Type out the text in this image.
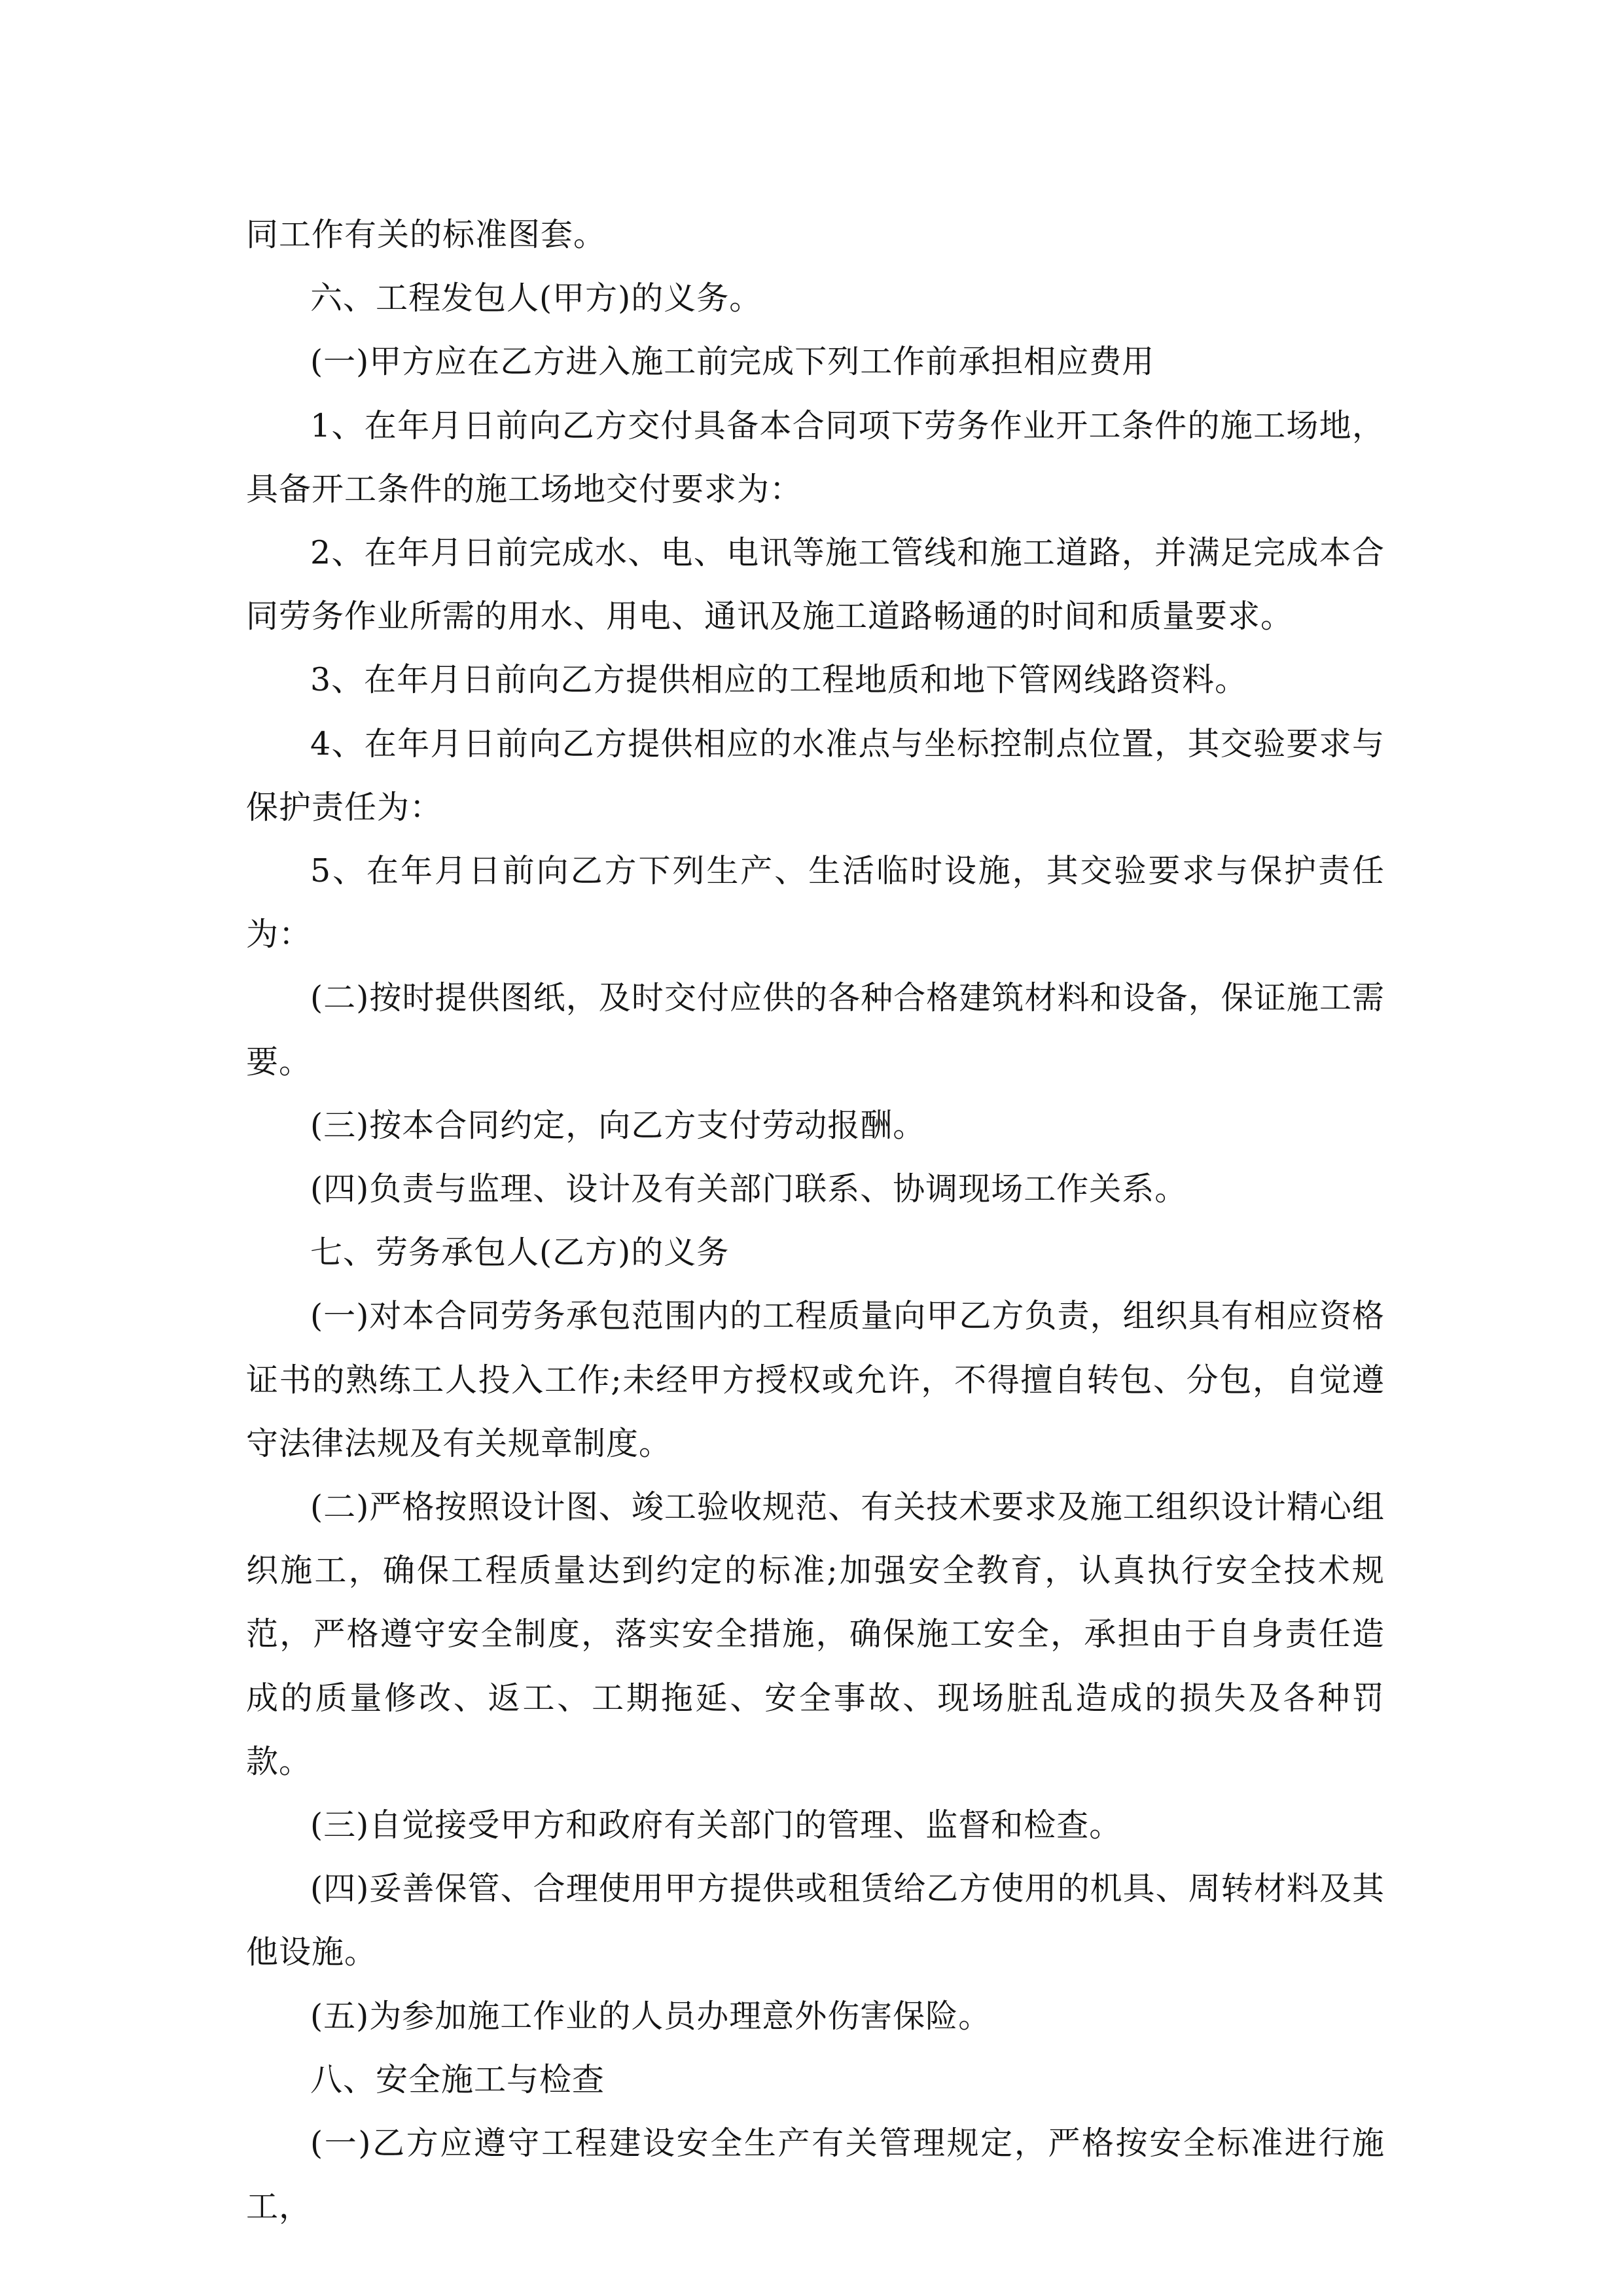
同工作有关的标准图套。

六、工程发包人(甲方)的义务。

(一)甲方应在乙方进入施工前完成下列工作前承担相应费用

1、在年月日前向乙方交付具备本合同项下劳务作业开工条件的施工场地，具备开工条件的施工场地交付要求为：

2、在年月日前完成水、电、电讯等施工管线和施工道路，并满足完成本合同劳务作业所需的用水、用电、通讯及施工道路畅通的时间和质量要求。

3、在年月日前向乙方提供相应的工程地质和地下管网线路资料。

4、在年月日前向乙方提供相应的水准点与坐标控制点位置，其交验要求与保护责任为：

5、在年月日前向乙方下列生产、生活临时设施，其交验要求与保护责任为：

(二)按时提供图纸，及时交付应供的各种合格建筑材料和设备，保证施工需要。

(三)按本合同约定，向乙方支付劳动报酬。

(四)负责与监理、设计及有关部门联系、协调现场工作关系。

七、劳务承包人(乙方)的义务

(一)对本合同劳务承包范围内的工程质量向甲乙方负责，组织具有相应资格证书的熟练工人投入工作;未经甲方授权或允许，不得擅自转包、分包，自觉遵守法律法规及有关规章制度。

(二)严格按照设计图、竣工验收规范、有关技术要求及施工组织设计精心组织施工，确保工程质量达到约定的标准;加强安全教育，认真执行安全技术规范，严格遵守安全制度，落实安全措施，确保施工安全，承担由于自身责任造成的质量修改、返工、工期拖延、安全事故、现场脏乱造成的损失及各种罚款。

(三)自觉接受甲方和政府有关部门的管理、监督和检查。

(四)妥善保管、合理使用甲方提供或租赁给乙方使用的机具、周转材料及其他设施。

(五)为参加施工作业的人员办理意外伤害保险。

八、安全施工与检查

(一)乙方应遵守工程建设安全生产有关管理规定，严格按安全标准进行施工，
